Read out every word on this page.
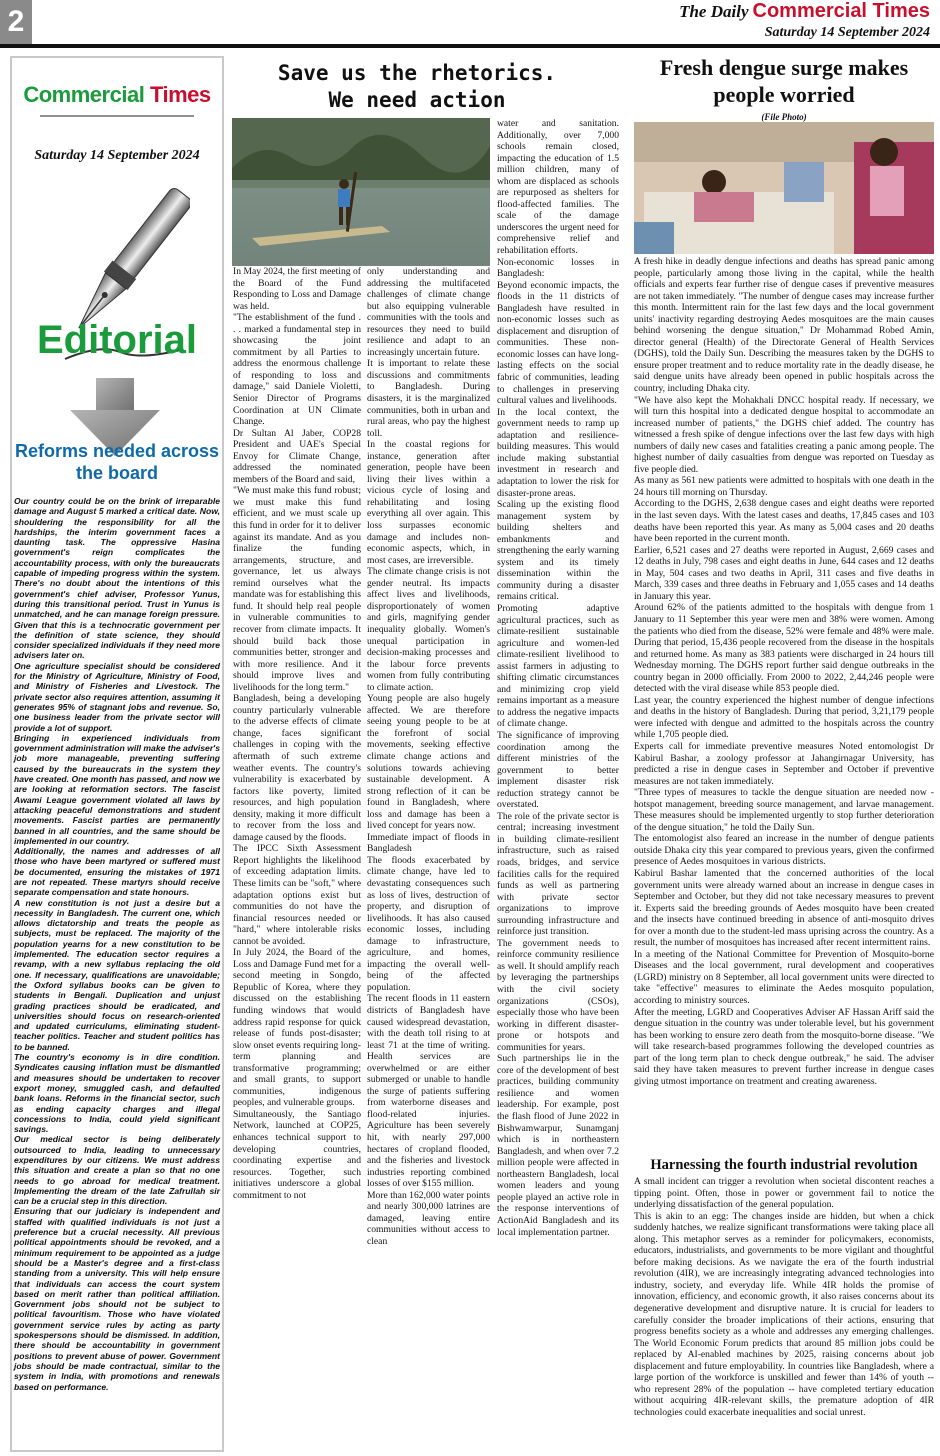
2	The Daily Commercial Times
Saturday 14 September 2024
Commercial Times
Saturday 14 September 2024
Editorial
Reforms needed across the board

Our country could be on the brink of irreparable damage and August 5 marked a critical date. Now, shouldering the responsibility for all the hardships, the interim government faces a daunting task. The oppressive Hasina government's reign complicates the accountability process, with only the bureaucrats capable of impeding progress within the system. There's no doubt about the intentions of this government's chief adviser, Professor Yunus, during this transitional period. Trust in Yunus is unmatched, and he can manage foreign pressure. Given that this is a technocratic government per the definition of state science, they should consider specialized individuals if they need more advisers later on.

One agriculture specialist should be considered for the Ministry of Agriculture, Ministry of Food, and Ministry of Fisheries and Livestock. The private sector also requires attention, assuming it generates 95% of stagnant jobs and revenue. So, one business leader from the private sector will provide a lot of support.

Bringing in experienced individuals from government administration will make the adviser's job more manageable, preventing suffering caused by the bureaucrats in the system they have created. One month has passed, and now we are looking at reformation sectors. The fascist Awami League government violated all laws by attacking peaceful demonstrations and student movements. Fascist parties are permanently banned in all countries, and the same should be implemented in our country.

Additionally, the names and addresses of all those who have been martyred or suffered must be documented, ensuring the mistakes of 1971 are not repeated. These martyrs should receive separate compensation and state honours.

A new constitution is not just a desire but a necessity in Bangladesh. The current one, which allows dictatorship and treats the people as subjects, must be replaced. The majority of the population yearns for a new constitution to be implemented. The education sector requires a revamp, with a new syllabus replacing the old one. If necessary, qualifications are unavoidable; the Oxford syllabus books can be given to students in Bengali. Duplication and unjust grading practices should be eradicated, and universities should focus on research-oriented and updated curriculums, eliminating student-teacher politics. Teacher and student politics has to be banned.

The country's economy is in dire condition. Syndicates causing inflation must be dismantled and measures should be undertaken to recover export money, smuggled cash, and defaulted bank loans. Reforms in the financial sector, such as ending capacity charges and illegal concessions to India, could yield significant savings.

Our medical sector is being deliberately outsourced to India, leading to unnecessary expenditures by our citizens. We must address this situation and create a plan so that no one needs to go abroad for medical treatment. Implementing the dream of the late Zafrullah sir can be a crucial step in this direction.

Ensuring that our judiciary is independent and staffed with qualified individuals is not just a preference but a crucial necessity. All previous political appointments should be revoked, and a minimum requirement to be appointed as a judge should be a Master's degree and a first-class standing from a university. This will help ensure that individuals can access the court system based on merit rather than political affiliation. Government jobs should not be subject to political favouritism. Those who have violated government service rules by acting as party spokespersons should be dismissed. In addition, there should be accountability in government positions to prevent abuse of power. Government jobs should be made contractual, similar to the system in India, with promotions and renewals based on performance.

Save us the rhetorics.
We need action

In May 2024, the first meeting of the Board of the Fund Responding to Loss and Damage was held.

"The establishment of the fund . . . marked a fundamental step in showcasing the joint commitment by all Parties to address the enormous challenge of responding to loss and damage," said Daniele Violetti, Senior Director of Programs Coordination at UN Climate Change.

Dr Sultan Al Jaber, COP28 President and UAE's Special Envoy for Climate Change, addressed the nominated members of the Board and said,

"We must make this fund robust; we must make this fund efficient, and we must scale up this fund in order for it to deliver against its mandate. And as you finalize the funding arrangements, structure, and governance, let us always remind ourselves what the mandate was for establishing this fund. It should help real people in vulnerable communities to recover from climate impacts. It should build back those communities better, stronger and with more resilience. And it should improve lives and livelihoods for the long term."

Bangladesh, being a developing country particularly vulnerable to the adverse effects of climate change, faces significant challenges in coping with the aftermath of such extreme weather events. The country's vulnerability is exacerbated by factors like poverty, limited resources, and high population density, making it more difficult to recover from the loss and damage caused by the floods.

The IPCC Sixth Assessment Report highlights the likelihood of exceeding adaptation limits. These limits can be "soft," where adaptation options exist but communities do not have the financial resources needed or "hard," where intolerable risks cannot be avoided.

In July 2024, the Board of the Loss and Damage Fund met for a second meeting in Songdo, Republic of Korea, where they discussed on the establishing funding windows that would address rapid response for quick release of funds post-disaster; slow onset events requiring long-term planning and transformative programming; and small grants, to support communities, indigenous peoples, and vulnerable groups.

Simultaneously, the Santiago Network, launched at COP25, enhances technical support to developing countries, coordinating expertise and resources. Together, such initiatives underscore a global commitment to not

only understanding and addressing the multifaceted challenges of climate change but also equipping vulnerable communities with the tools and resources they need to build resilience and adapt to an increasingly uncertain future.

It is important to relate these discussions and commitments to Bangladesh. During disasters, it is the marginalized communities, both in urban and rural areas, who pay the highest toll.

In the coastal regions for instance, generation after generation, people have been living their lives within a vicious cycle of losing and rehabilitating and losing everything all over again. This loss surpasses economic damage and includes non-economic aspects, which, in most cases, are irreversible.

The climate change crisis is not gender neutral. Its impacts affect lives and livelihoods, disproportionately of women and girls, magnifying gender inequality globally. Women's unequal participation in decision-making processes and the labour force prevents women from fully contributing to climate action.

Young people are also hugely affected. We are therefore seeing young people to be at the forefront of social movements, seeking effective climate change actions and solutions towards achieving sustainable development. A strong reflection of it can be found in Bangladesh, where loss and damage has been a lived concept for years now.

Immediate impact of floods in Bangladesh

The floods exacerbated by climate change, have led to devastating consequences such as loss of lives, destruction of property, and disruption of livelihoods. It has also caused economic losses, including damage to infrastructure, agriculture, and homes, impacting the overall well-being of the affected population.

The recent floods in 11 eastern districts of Bangladesh have caused widespread devastation, with the death toll rising to at least 71 at the time of writing. Health services are overwhelmed or are either submerged or unable to handle the surge of patients suffering from waterborne diseases and flood-related injuries. Agriculture has been severely hit, with nearly 297,000 hectares of cropland flooded, and the fisheries and livestock industries reporting combined losses of over $155 million.

More than 162,000 water points and nearly 300,000 latrines are damaged, leaving entire communities without access to clean

water and sanitation. Additionally, over 7,000 schools remain closed, impacting the education of 1.5 million children, many of whom are displaced as schools are repurposed as shelters for flood-affected families. The scale of the damage underscores the urgent need for comprehensive relief and rehabilitation efforts.

Non-economic losses in Bangladesh:

Beyond economic impacts, the floods in the 11 districts of Bangladesh have resulted in non-economic losses such as displacement and disruption of communities. These non-economic losses can have long-lasting effects on the social fabric of communities, leading to challenges in preserving cultural values and livelihoods.

In the local context, the government needs to ramp up adaptation and resilience-building measures. This would include making substantial investment in research and adaptation to lower the risk for disaster-prone areas.

Scaling up the existing flood management system by building shelters and embankments and strengthening the early warning system and its timely dissemination within the community during a disaster remains critical.

Promoting adaptive agricultural practices, such as climate-resilient sustainable agriculture and women-led climate-resilient livelihood to assist farmers in adjusting to shifting climatic circumstances and minimizing crop yield remains important as a measure to address the negative impacts of climate change.

The significance of improving coordination among the different ministries of the government to better implement disaster risk reduction strategy cannot be overstated.

The role of the private sector is central; increasing investment in building climate-resilient infrastructure, such as raised roads, bridges, and service facilities calls for the required funds as well as partnering with private sector organizations to improve surrounding infrastructure and reinforce just transition.

The government needs to reinforce community resilience as well. It should amplify reach by leveraging the partnerships with the civil society organizations (CSOs), especially those who have been working in different disaster-prone or hotspots and communities for years.

Such partnerships lie in the core of the development of best practices, building community resilience and women leadership. For example, post the flash flood of June 2022 in Bishwamwarpur, Sunamganj which is in northeastern Bangladesh, and when over 7.2 million people were affected in northeastern Bangladesh, local women leaders and young people played an active role in the response interventions of ActionAid Bangladesh and its local implementation partner.

Fresh dengue surge makes people worried
(File Photo)

A fresh hike in deadly dengue infections and deaths has spread panic among people, particularly among those living in the capital, while the health officials and experts fear further rise of dengue cases if preventive measures are not taken immediately. "The number of dengue cases may increase further this month. Intermittent rain for the last few days and the local government units' inactivity regarding destroying Aedes mosquitoes are the main causes behind worsening the dengue situation," Dr Mohammad Robed Amin, director general (Health) of the Directorate General of Health Services (DGHS), told the Daily Sun. Describing the measures taken by the DGHS to ensure proper treatment and to reduce mortality rate in the deadly disease, he said dengue units have already been opened in public hospitals across the country, including Dhaka city.

"We have also kept the Mohakhali DNCC hospital ready. If necessary, we will turn this hospital into a dedicated dengue hospital to accommodate an increased number of patients," the DGHS chief added. The country has witnessed a fresh spike of dengue infections over the last few days with high numbers of daily new cases and fatalities creating a panic among people. The highest number of daily casualties from dengue was reported on Tuesday as five people died.

As many as 561 new patients were admitted to hospitals with one death in the 24 hours till morning on Thursday.

According to the DGHS, 2,638 dengue cases and eight deaths were reported in the last seven days. With the latest cases and deaths, 17,845 cases and 103 deaths have been reported this year. As many as 5,004 cases and 20 deaths have been reported in the current month.

Earlier, 6,521 cases and 27 deaths were reported in August, 2,669 cases and 12 deaths in July, 798 cases and eight deaths in June, 644 cases and 12 deaths in May, 504 cases and two deaths in April, 311 cases and five deaths in March, 339 cases and three deaths in February and 1,055 cases and 14 deaths in January this year.

Around 62% of the patients admitted to the hospitals with dengue from 1 January to 11 September this year were men and 38% were women. Among the patients who died from the disease, 52% were female and 48% were male. During that period, 15,436 people recovered from the disease in the hospitals and returned home. As many as 383 patients were discharged in 24 hours till Wednesday morning. The DGHS report further said dengue outbreaks in the country began in 2000 officially. From 2000 to 2022, 2,44,246 people were detected with the viral disease while 853 people died.

Last year, the country experienced the highest number of dengue infections and deaths in the history of Bangladesh. During that period, 3,21,179 people were infected with dengue and admitted to the hospitals across the country while 1,705 people died.

Experts call for immediate preventive measures Noted entomologist Dr Kabirul Bashar, a zoology professor at Jahangirnagar University, has predicted a rise in dengue cases in September and October if preventive measures are not taken immediately.

"Three types of measures to tackle the dengue situation are needed now - hotspot management, breeding source management, and larvae management. These measures should be implemented urgently to stop further deterioration of the dengue situation," he told the Daily Sun.

The entomologist also feared an increase in the number of dengue patients outside Dhaka city this year compared to previous years, given the confirmed presence of Aedes mosquitoes in various districts.

Kabirul Bashar lamented that the concerned authorities of the local government units were already warned about an increase in dengue cases in September and October, but they did not take necessary measures to prevent it. Experts said the breeding grounds of Aedes mosquito have been created and the insects have continued breeding in absence of anti-mosquito drives for over a month due to the student-led mass uprising across the country. As a result, the number of mosquitoes has increased after recent intermittent rains.

In a meeting of the National Committee for Prevention of Mosquito-borne Diseases and the local government, rural development and cooperatives (LGRD) ministry on 8 September, all local government units were directed to take "effective" measures to eliminate the Aedes mosquito population, according to ministry sources.

After the meeting, LGRD and Cooperatives Adviser AF Hassan Ariff said the dengue situation in the country was under tolerable level, but his government has been working to ensure zero death from the mosquito-borne disease. "We will take research-based programmes following the developed countries as part of the long term plan to check dengue outbreak," he said. The adviser said they have taken measures to prevent further increase in dengue cases giving utmost importance on treatment and creating awareness.

Harnessing the fourth industrial revolution

A small incident can trigger a revolution when societal discontent reaches a tipping point. Often, those in power or government fail to notice the underlying dissatisfaction of the general population.

This is akin to an egg: The changes inside are hidden, but when a chick suddenly hatches, we realize significant transformations were taking place all along. This metaphor serves as a reminder for policymakers, economists, educators, industrialists, and governments to be more vigilant and thoughtful before making decisions. As we navigate the era of the fourth industrial revolution (4IR), we are increasingly integrating advanced technologies into industry, society, and everyday life. While 4IR holds the promise of innovation, efficiency, and economic growth, it also raises concerns about its degenerative development and disruptive nature. It is crucial for leaders to carefully consider the broader implications of their actions, ensuring that progress benefits society as a whole and addresses any emerging challenges. The World Economic Forum predicts that around 85 million jobs could be replaced by AI-enabled machines by 2025, raising concerns about job displacement and future employability. In countries like Bangladesh, where a large portion of the workforce is unskilled and fewer than 14% of youth -- who represent 28% of the population -- have completed tertiary education without acquiring 4IR-relevant skills, the premature adoption of 4IR technologies could exacerbate inequalities and social unrest.
